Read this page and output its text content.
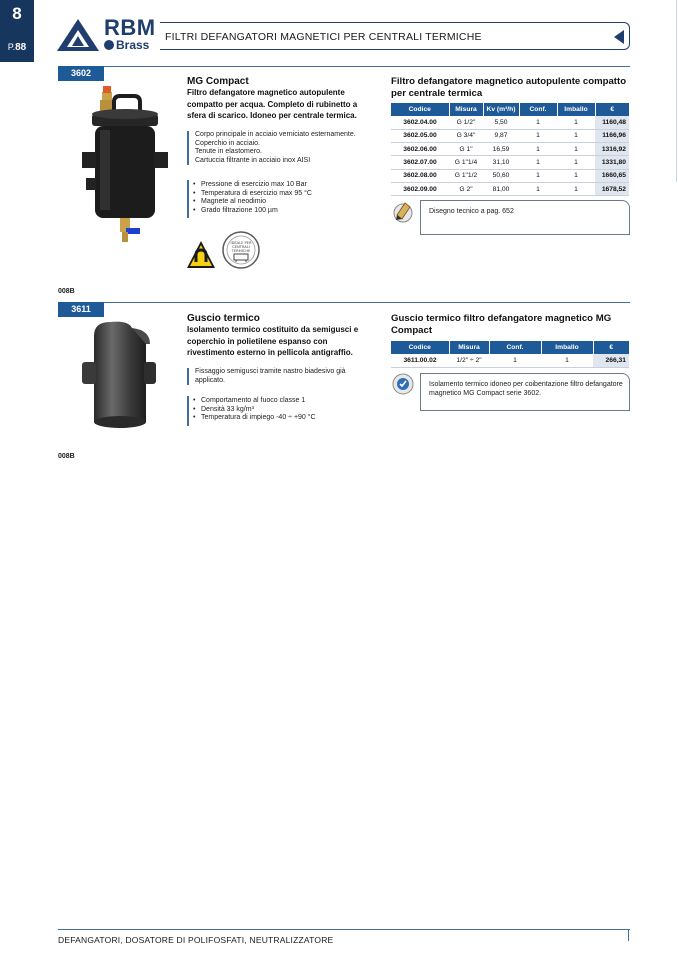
8
P.88
RBM
Brass
FILTRI DEFANGATORI MAGNETICI PER CENTRALI TERMICHE
3602
IDEALE PER
CENTRALI
TERMICHE
MG Compact
Filtro defangatore magnetico autopulente compatto per acqua. Completo di rubinetto a sfera di scarico. Idoneo per centrale termica.
Corpo principale in acciaio verniciato esternamente.
Coperchio in acciaio.
Tenute in elastomero.
Cartuccia filtrante in acciaio inox AISI
• Pressione di esercizio max 10 Bar
• Temperatura di esercizio max 95 °C
• Magnete al neodimio
• Grado filtrazione 100 µm
Filtro defangatore magnetico autopulente compatto per centrale termica
Codice	Misura	Kv (m³/h)	Conf.	Imballo	€
3602.04.00	G 1/2"	5,50	1	1	1160,48
3602.05.00	G 3/4"	9,87	1	1	1166,96
3602.06.00	G 1"	16,59	1	1	1316,92
3602.07.00	G 1"1/4	31,10	1	1	1331,80
3602.08.00	G 1"1/2	50,60	1	1	1660,65
3602.09.00	G 2"	81,00	1	1	1678,52
Disegno tecnico a pag. 652
008B
3611
Guscio termico
Isolamento termico costituito da semigusci e coperchio in polietilene espanso con rivestimento esterno in pellicola antigraffio.
Fissaggio semigusci tramite nastro biadesivo già applicato.
• Comportamento al fuoco classe 1
• Densità 33 kg/m³
• Temperatura di impiego -40 ÷ +90 °C
Guscio termico filtro defangatore magnetico MG Compact
Codice	Misura	Conf.	Imballo	€
3611.00.02	1/2" ÷ 2"	1	1	266,31
Isolamento termico idoneo per coibentazione filtro defangatore magnetico MG Compact serie 3602.
008B
DEFANGATORI, DOSATORE DI POLIFOSFATI, NEUTRALIZZATORE
